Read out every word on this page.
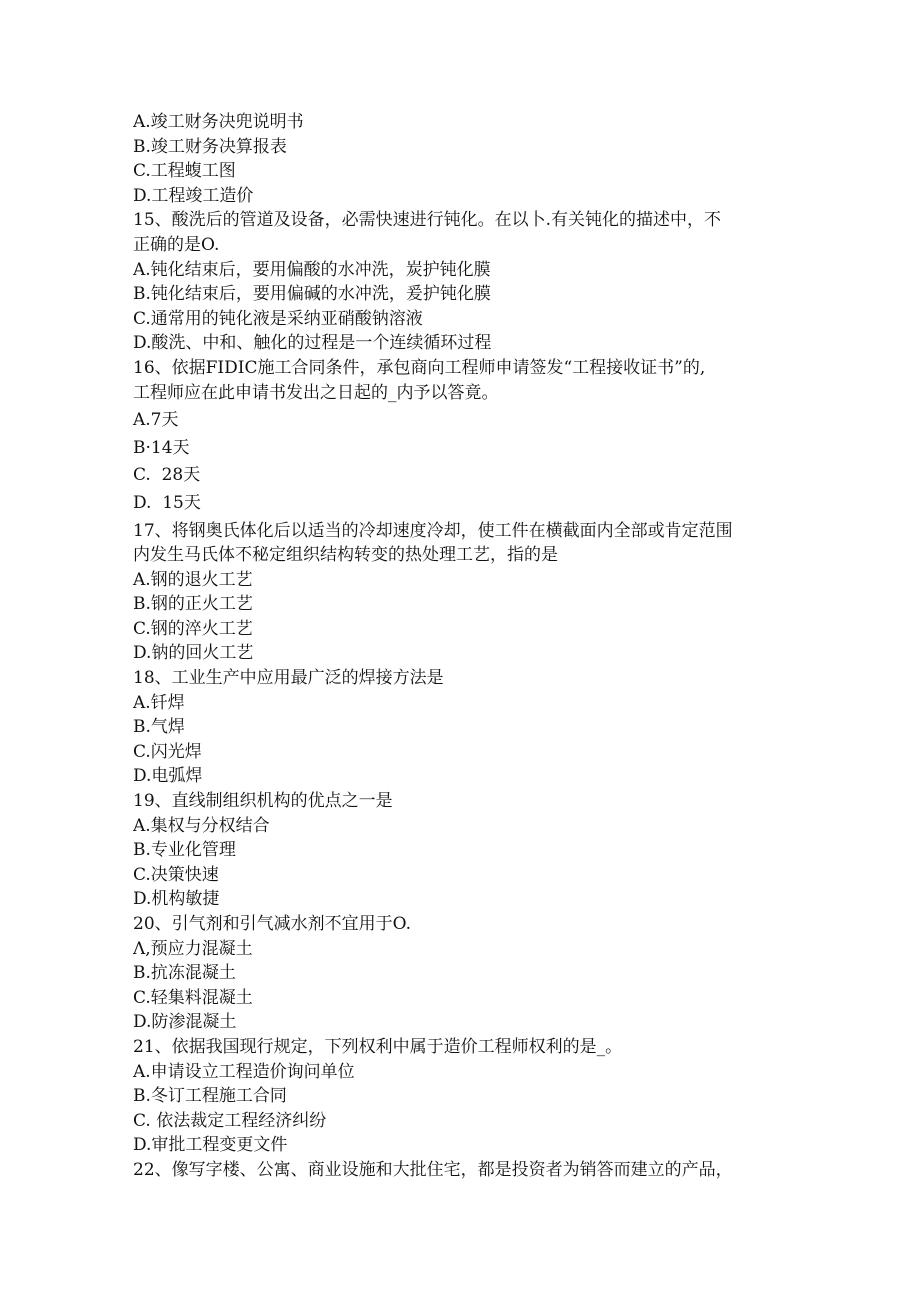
A.竣工财务决兜说明书
B.竣工财务决算报表
C.工程蝮工图
D.工程竣工造价
15、酸洗后的管道及设备，必需快速进行钝化。在以卜.有关钝化的描述中，不
正确的是O.
A.钝化结束后，要用偏酸的水冲洗，炭护钝化膜
B.钝化结束后，要用偏碱的水冲洗，爰护钝化膜
C.通常用的钝化液是采纳亚硝酸钠溶液
D.酸洗、中和、触化的过程是一个连续循环过程
16、依据FIDIC施工合同条件，承包商向工程师申请签发“工程接收证书”的,
工程师应在此申请书发出之日起的_内予以答竟。
A.7天
B·14天
C.  28天
D.  15天
17、将钢奥氏体化后以适当的冷却速度冷却，使工件在横截面内全部或肯定范围
内发生马氏体不秘定组织结构转变的热处理工艺，指的是
A.钢的退火工艺
B.钢的正火工艺
C.钢的淬火工艺
D.钠的回火工艺
18、工业生产中应用最广泛的焊接方法是
A.钎焊
B.气焊
C.闪光焊
D.电弧焊
19、直线制组织机构的优点之一是
A.集权与分权结合
B.专业化管理
C.决策快速
D.机构敏捷
20、引气剂和引气减水剂不宜用于O.
Λ,预应力混凝土
B.抗冻混凝土
C.轻集料混凝土
D.防渗混凝土
21、依据我国现行规定，下列权利中属于造价工程师权利的是_。
A.申请设立工程造价询问单位
B.冬订工程施工合同
C. 依法裁定工程经济纠纷
D.审批工程变更文件
22、像写字楼、公寓、商业设施和大批住宅，都是投资者为销答而建立的产品，
